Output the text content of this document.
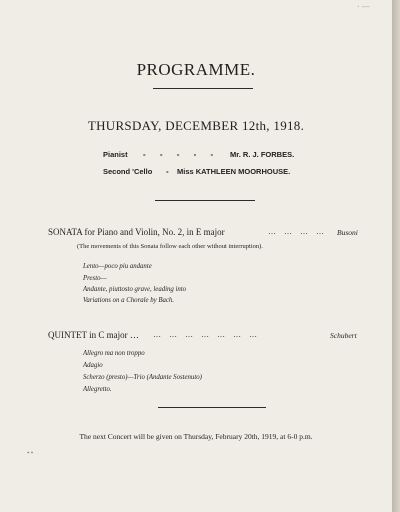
· —
PROGRAMME.
THURSDAY, DECEMBER 12th, 1918.
Pianist - - - - - Mr. R. J. FORBES.
Second 'Cello - Miss KATHLEEN MOORHOUSE.
SONATA for Piano and Violin, No. 2, in E major	… … … … Busoni
(The movements of this Sonata follow each other without interruption).
Lento—poco piu andante
Presto—
Andante, piuttosto grave, leading into
Variations on a Chorale by Bach.
QUINTET in C major … … … … … … … …	Schubert
Allegro ma non troppo
Adagio
Scherzo (presto)—Trio (Andante Sostenuto)
Allegretto.
The next Concert will be given on Thursday, February 20th, 1919, at 6-0 p.m.
* *
